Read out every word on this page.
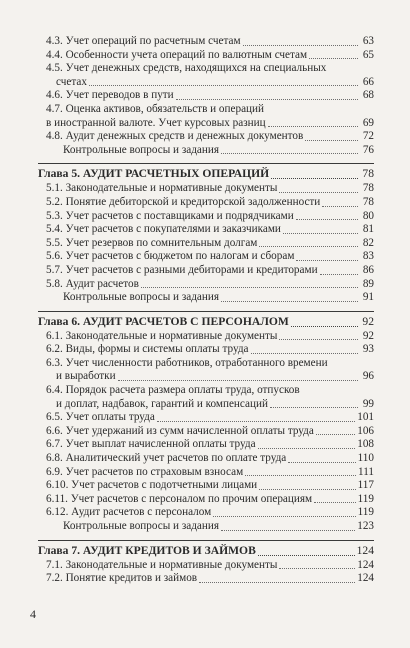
4.3. Учет операций по расчетным счетам	63
4.4. Особенности учета операций по валютным счетам	65
4.5. Учет денежных средств, находящихся на специальных
счетах	66
4.6. Учет переводов в пути	68
4.7. Оценка активов, обязательств и операций
в иностранной валюте. Учет курсовых разниц	69
4.8. Аудит денежных средств и денежных документов	72
Контрольные вопросы и задания	76
Глава 5. АУДИТ РАСЧЕТНЫХ ОПЕРАЦИЙ	78
5.1. Законодательные и нормативные документы	78
5.2. Понятие дебиторской и кредиторской задолженности	78
5.3. Учет расчетов с поставщиками и подрядчиками	80
5.4. Учет расчетов с покупателями и заказчиками	81
5.5. Учет резервов по сомнительным долгам	82
5.6. Учет расчетов с бюджетом по налогам и сборам	83
5.7. Учет расчетов с разными дебиторами и кредиторами	86
5.8. Аудит расчетов	89
Контрольные вопросы и задания	91
Глава 6. АУДИТ РАСЧЕТОВ С ПЕРСОНАЛОМ	92
6.1. Законодательные и нормативные документы	92
6.2. Виды, формы и системы оплаты труда	93
6.3. Учет численности работников, отработанного времени
и выработки	96
6.4. Порядок расчета размера оплаты труда, отпусков
и доплат, надбавок, гарантий и компенсаций	99
6.5. Учет оплаты труда	101
6.6. Учет удержаний из сумм начисленной оплаты труда	106
6.7. Учет выплат начисленной оплаты труда	108
6.8. Аналитический учет расчетов по оплате труда	110
6.9. Учет расчетов по страховым взносам	111
6.10. Учет расчетов с подотчетными лицами	117
6.11. Учет расчетов с персоналом по прочим операциям	119
6.12. Аудит расчетов с персоналом	119
Контрольные вопросы и задания	123
Глава 7. АУДИТ КРЕДИТОВ И ЗАЙМОВ	124
7.1. Законодательные и нормативные документы	124
7.2. Понятие кредитов и займов	124
4
